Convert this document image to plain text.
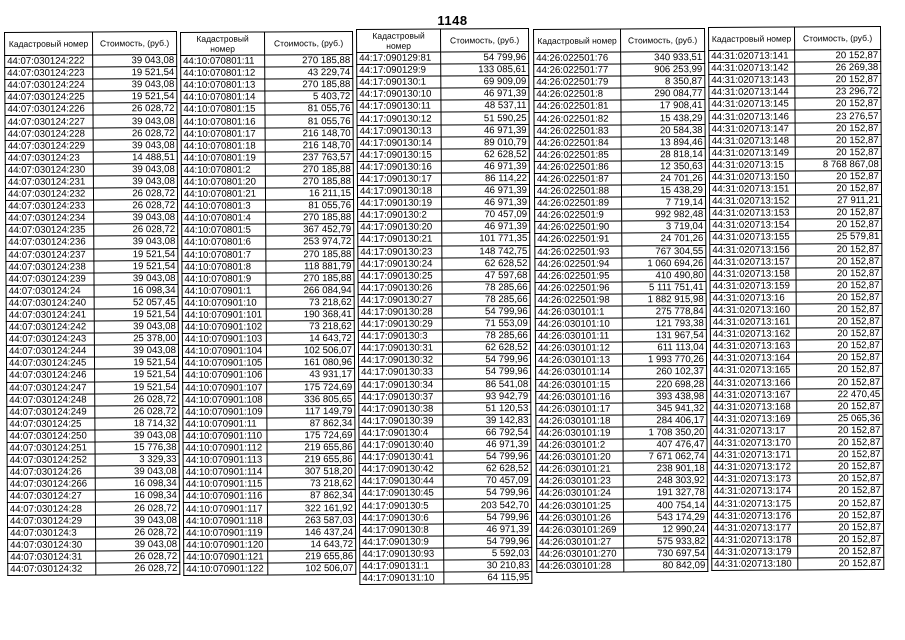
1148
Кадастровый номер	Стоимость, (руб.)
44:07:030124:222	39 043,08
44:07:030124:223	19 521,54
44:07:030124:224	39 043,08
44:07:030124:225	19 521,54
44:07:030124:226	26 028,72
44:07:030124:227	39 043,08
44:07:030124:228	26 028,72
44:07:030124:229	39 043,08
44:07:030124:23	14 488,51
44:07:030124:230	39 043,08
44:07:030124:231	39 043,08
44:07:030124:232	26 028,72
44:07:030124:233	26 028,72
44:07:030124:234	39 043,08
44:07:030124:235	26 028,72
44:07:030124:236	39 043,08
44:07:030124:237	19 521,54
44:07:030124:238	19 521,54
44:07:030124:239	39 043,08
44:07:030124:24	16 098,34
44:07:030124:240	52 057,45
44:07:030124:241	19 521,54
44:07:030124:242	39 043,08
44:07:030124:243	25 378,00
44:07:030124:244	39 043,08
44:07:030124:245	19 521,54
44:07:030124:246	19 521,54
44:07:030124:247	19 521,54
44:07:030124:248	26 028,72
44:07:030124:249	26 028,72
44:07:030124:25	18 714,32
44:07:030124:250	39 043,08
44:07:030124:251	15 776,38
44:07:030124:252	3 329,33
44:07:030124:26	39 043,08
44:07:030124:266	16 098,34
44:07:030124:27	16 098,34
44:07:030124:28	26 028,72
44:07:030124:29	39 043,08
44:07:030124:3	26 028,72
44:07:030124:30	39 043,08
44:07:030124:31	26 028,72
44:07:030124:32	26 028,72
Кадастровый номер	Стоимость, (руб.)
44:10:070801:11	270 185,88
44:10:070801:12	43 229,74
44:10:070801:13	270 185,88
44:10:070801:14	5 403,72
44:10:070801:15	81 055,76
44:10:070801:16	81 055,76
44:10:070801:17	216 148,70
44:10:070801:18	216 148,70
44:10:070801:19	237 763,57
44:10:070801:2	270 185,88
44:10:070801:20	270 185,88
44:10:070801:21	16 211,15
44:10:070801:3	81 055,76
44:10:070801:4	270 185,88
44:10:070801:5	367 452,79
44:10:070801:6	253 974,72
44:10:070801:7	270 185,88
44:10:070801:8	118 881,79
44:10:070801:9	270 185,88
44:10:070901:1	266 084,94
44:10:070901:10	73 218,62
44:10:070901:101	190 368,41
44:10:070901:102	73 218,62
44:10:070901:103	14 643,72
44:10:070901:104	102 506,07
44:10:070901:105	161 080,96
44:10:070901:106	43 931,17
44:10:070901:107	175 724,69
44:10:070901:108	336 805,65
44:10:070901:109	117 149,79
44:10:070901:11	87 862,34
44:10:070901:110	175 724,69
44:10:070901:112	219 655,86
44:10:070901:113	219 655,86
44:10:070901:114	307 518,20
44:10:070901:115	73 218,62
44:10:070901:116	87 862,34
44:10:070901:117	322 161,92
44:10:070901:118	263 587,03
44:10:070901:119	146 437,24
44:10:070901:120	14 643,72
44:10:070901:121	219 655,86
44:10:070901:122	102 506,07
Кадастровый номер	Стоимость, (руб.)
44:17:090129:81	54 799,96
44:17:090129:9	133 085,61
44:17:090130:1	69 909,09
44:17:090130:10	46 971,39
44:17:090130:11	48 537,11
44:17:090130:12	51 590,25
44:17:090130:13	46 971,39
44:17:090130:14	89 010,79
44:17:090130:15	62 628,52
44:17:090130:16	46 971,39
44:17:090130:17	86 114,22
44:17:090130:18	46 971,39
44:17:090130:19	46 971,39
44:17:090130:2	70 457,09
44:17:090130:20	46 971,39
44:17:090130:21	101 771,35
44:17:090130:23	148 742,75
44:17:090130:24	62 628,52
44:17:090130:25	47 597,68
44:17:090130:26	78 285,66
44:17:090130:27	78 285,66
44:17:090130:28	54 799,96
44:17:090130:29	71 553,09
44:17:090130:3	78 285,66
44:17:090130:31	62 628,52
44:17:090130:32	54 799,96
44:17:090130:33	54 799,96
44:17:090130:34	86 541,08
44:17:090130:37	93 942,79
44:17:090130:38	51 120,53
44:17:090130:39	39 142,83
44:17:090130:4	66 792,54
44:17:090130:40	46 971,39
44:17:090130:41	54 799,96
44:17:090130:42	62 628,52
44:17:090130:44	70 457,09
44:17:090130:45	54 799,96
44:17:090130:5	203 542,70
44:17:090130:6	54 799,96
44:17:090130:8	46 971,39
44:17:090130:9	54 799,96
44:17:090130:93	5 592,03
44:17:090131:1	30 210,83
44:17:090131:10	64 115,95
Кадастровый номер	Стоимость, (руб.)
44:26:022501:76	340 933,51
44:26:022501:77	906 253,99
44:26:022501:79	8 350,87
44:26:022501:8	290 084,77
44:26:022501:81	17 908,41
44:26:022501:82	15 438,29
44:26:022501:83	20 584,38
44:26:022501:84	13 894,46
44:26:022501:85	28 818,14
44:26:022501:86	12 350,63
44:26:022501:87	24 701,26
44:26:022501:88	15 438,29
44:26:022501:89	7 719,14
44:26:022501:9	992 982,48
44:26:022501:90	3 719,04
44:26:022501:91	24 701,26
44:26:022501:93	767 304,55
44:26:022501:94	1 060 694,26
44:26:022501:95	410 490,80
44:26:022501:96	5 111 751,41
44:26:022501:98	1 882 915,98
44:26:030101:1	275 778,84
44:26:030101:10	121 793,38
44:26:030101:11	131 967,54
44:26:030101:12	611 113,04
44:26:030101:13	1 993 770,26
44:26:030101:14	260 102,37
44:26:030101:15	220 698,28
44:26:030101:16	393 438,98
44:26:030101:17	345 941,32
44:26:030101:18	284 406,17
44:26:030101:19	1 708 350,20
44:26:030101:2	407 476,47
44:26:030101:20	7 671 062,74
44:26:030101:21	238 901,18
44:26:030101:23	248 303,92
44:26:030101:24	191 327,78
44:26:030101:25	400 754,14
44:26:030101:26	543 174,29
44:26:030101:269	12 990,24
44:26:030101:27	575 933,82
44:26:030101:270	730 697,54
44:26:030101:28	80 842,09
Кадастровый номер	Стоимость, (руб.)
44:31:020713:141	20 152,87
44:31:020713:142	26 269,38
44:31:020713:143	20 152,87
44:31:020713:144	23 296,72
44:31:020713:145	20 152,87
44:31:020713:146	23 276,57
44:31:020713:147	20 152,87
44:31:020713:148	20 152,87
44:31:020713:149	20 152,87
44:31:020713:15	8 768 867,08
44:31:020713:150	20 152,87
44:31:020713:151	20 152,87
44:31:020713:152	27 911,21
44:31:020713:153	20 152,87
44:31:020713:154	20 152,87
44:31:020713:155	25 579,81
44:31:020713:156	20 152,87
44:31:020713:157	20 152,87
44:31:020713:158	20 152,87
44:31:020713:159	20 152,87
44:31:020713:16	20 152,87
44:31:020713:160	20 152,87
44:31:020713:161	20 152,87
44:31:020713:162	20 152,87
44:31:020713:163	20 152,87
44:31:020713:164	20 152,87
44:31:020713:165	20 152,87
44:31:020713:166	20 152,87
44:31:020713:167	22 470,45
44:31:020713:168	20 152,87
44:31:020713:169	25 065,36
44:31:020713:17	20 152,87
44:31:020713:170	20 152,87
44:31:020713:171	20 152,87
44:31:020713:172	20 152,87
44:31:020713:173	20 152,87
44:31:020713:174	20 152,87
44:31:020713:175	20 152,87
44:31:020713:176	20 152,87
44:31:020713:177	20 152,87
44:31:020713:178	20 152,87
44:31:020713:179	20 152,87
44:31:020713:180	20 152,87
